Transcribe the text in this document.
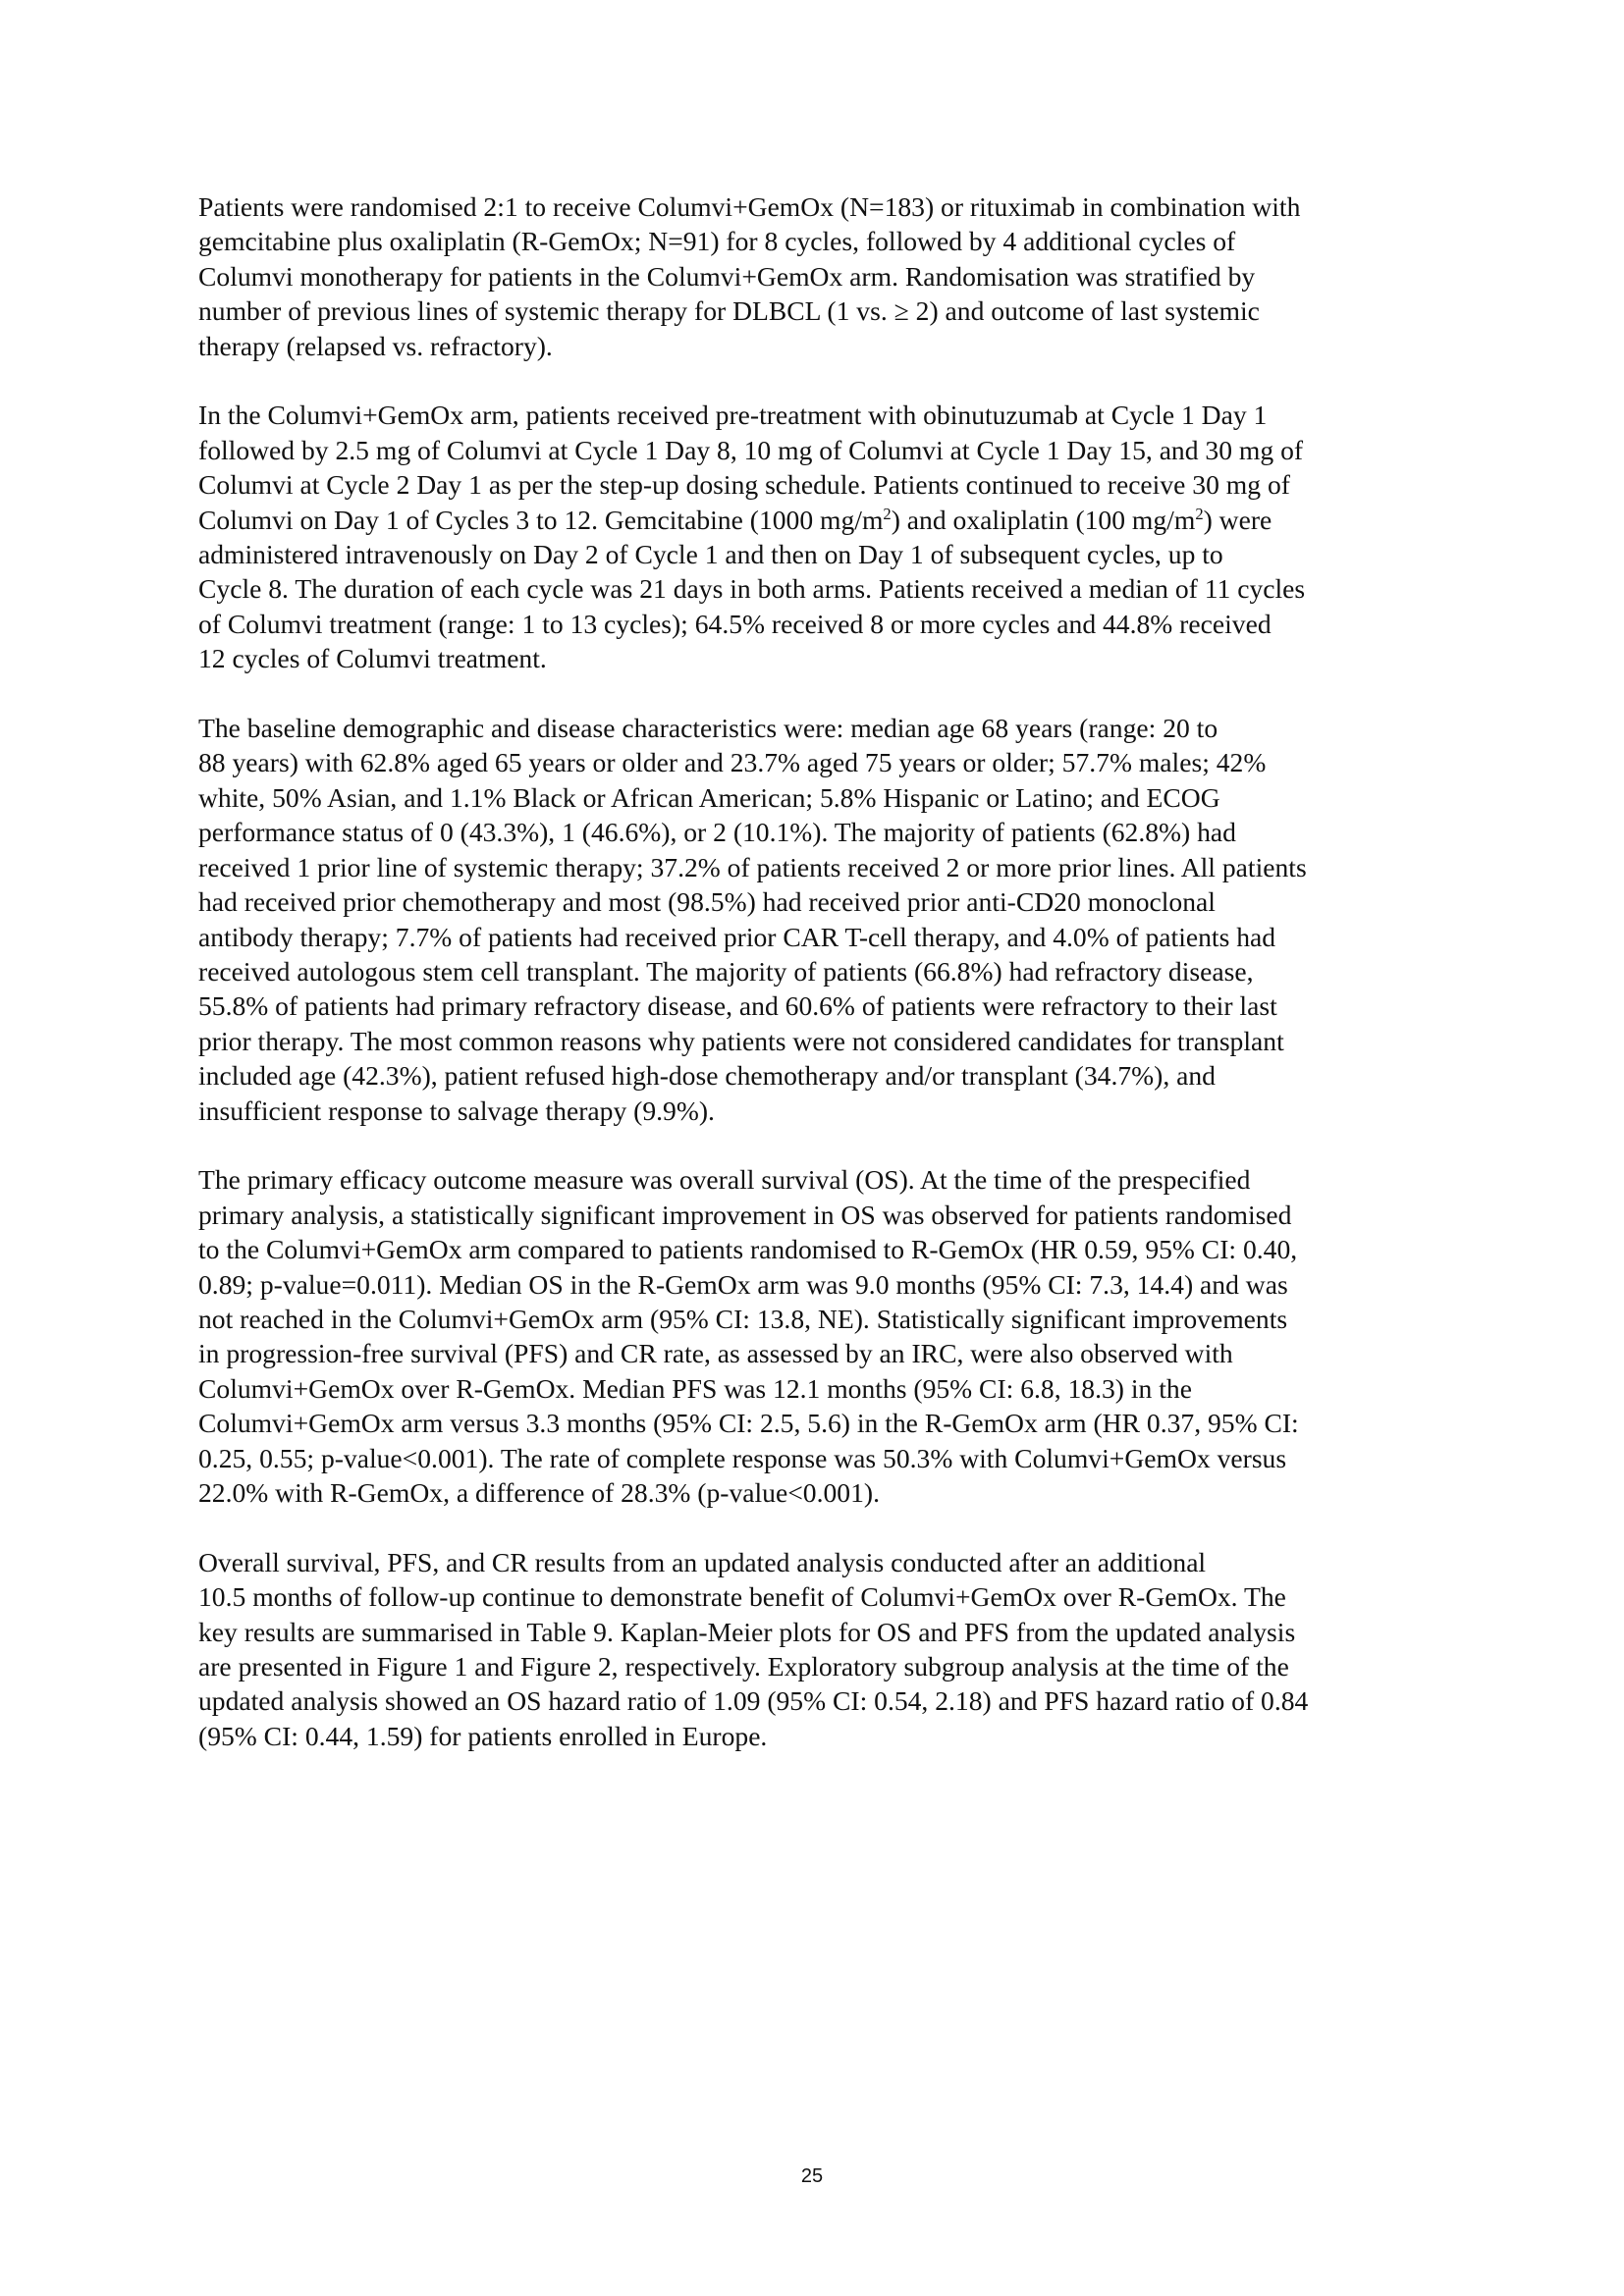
Patients were randomised 2:1 to receive Columvi+GemOx (N=183) or rituximab in combination with
gemcitabine plus oxaliplatin (R-GemOx; N=91) for 8 cycles, followed by 4 additional cycles of
Columvi monotherapy for patients in the Columvi+GemOx arm. Randomisation was stratified by
number of previous lines of systemic therapy for DLBCL (1 vs. ≥ 2) and outcome of last systemic
therapy (relapsed vs. refractory).

In the Columvi+GemOx arm, patients received pre-treatment with obinutuzumab at Cycle 1 Day 1
followed by 2.5 mg of Columvi at Cycle 1 Day 8, 10 mg of Columvi at Cycle 1 Day 15, and 30 mg of
Columvi at Cycle 2 Day 1 as per the step-up dosing schedule. Patients continued to receive 30 mg of
Columvi on Day 1 of Cycles 3 to 12. Gemcitabine (1000 $mg/m^2$) and oxaliplatin (100 $mg/m^2$) were
administered intravenously on Day 2 of Cycle 1 and then on Day 1 of subsequent cycles, up to
Cycle 8. The duration of each cycle was 21 days in both arms. Patients received a median of 11 cycles
of Columvi treatment (range: 1 to 13 cycles); 64.5% received 8 or more cycles and 44.8% received
12 cycles of Columvi treatment.

The baseline demographic and disease characteristics were: median age 68 years (range: 20 to
88 years) with 62.8% aged 65 years or older and 23.7% aged 75 years or older; 57.7% males; 42%
white, 50% Asian, and 1.1% Black or African American; 5.8% Hispanic or Latino; and ECOG
performance status of 0 (43.3%), 1 (46.6%), or 2 (10.1%). The majority of patients (62.8%) had
received 1 prior line of systemic therapy; 37.2% of patients received 2 or more prior lines. All patients
had received prior chemotherapy and most (98.5%) had received prior anti-CD20 monoclonal
antibody therapy; 7.7% of patients had received prior CAR T-cell therapy, and 4.0% of patients had
received autologous stem cell transplant. The majority of patients (66.8%) had refractory disease,
55.8% of patients had primary refractory disease, and 60.6% of patients were refractory to their last
prior therapy. The most common reasons why patients were not considered candidates for transplant
included age (42.3%), patient refused high-dose chemotherapy and/or transplant (34.7%), and
insufficient response to salvage therapy (9.9%).

The primary efficacy outcome measure was overall survival (OS). At the time of the prespecified
primary analysis, a statistically significant improvement in OS was observed for patients randomised
to the Columvi+GemOx arm compared to patients randomised to R-GemOx (HR 0.59, 95% CI: 0.40,
0.89; p-value=0.011). Median OS in the R-GemOx arm was 9.0 months (95% CI: 7.3, 14.4) and was
not reached in the Columvi+GemOx arm (95% CI: 13.8, NE). Statistically significant improvements
in progression-free survival (PFS) and CR rate, as assessed by an IRC, were also observed with
Columvi+GemOx over R-GemOx. Median PFS was 12.1 months (95% CI: 6.8, 18.3) in the
Columvi+GemOx arm versus 3.3 months (95% CI: 2.5, 5.6) in the R-GemOx arm (HR 0.37, 95% CI:
0.25, 0.55; p-value<0.001). The rate of complete response was 50.3% with Columvi+GemOx versus
22.0% with R-GemOx, a difference of 28.3% (p-value<0.001).

Overall survival, PFS, and CR results from an updated analysis conducted after an additional
10.5 months of follow-up continue to demonstrate benefit of Columvi+GemOx over R-GemOx. The
key results are summarised in Table 9. Kaplan-Meier plots for OS and PFS from the updated analysis
are presented in Figure 1 and Figure 2, respectively. Exploratory subgroup analysis at the time of the
updated analysis showed an OS hazard ratio of 1.09 (95% CI: 0.54, 2.18) and PFS hazard ratio of 0.84
(95% CI: 0.44, 1.59) for patients enrolled in Europe.

25
